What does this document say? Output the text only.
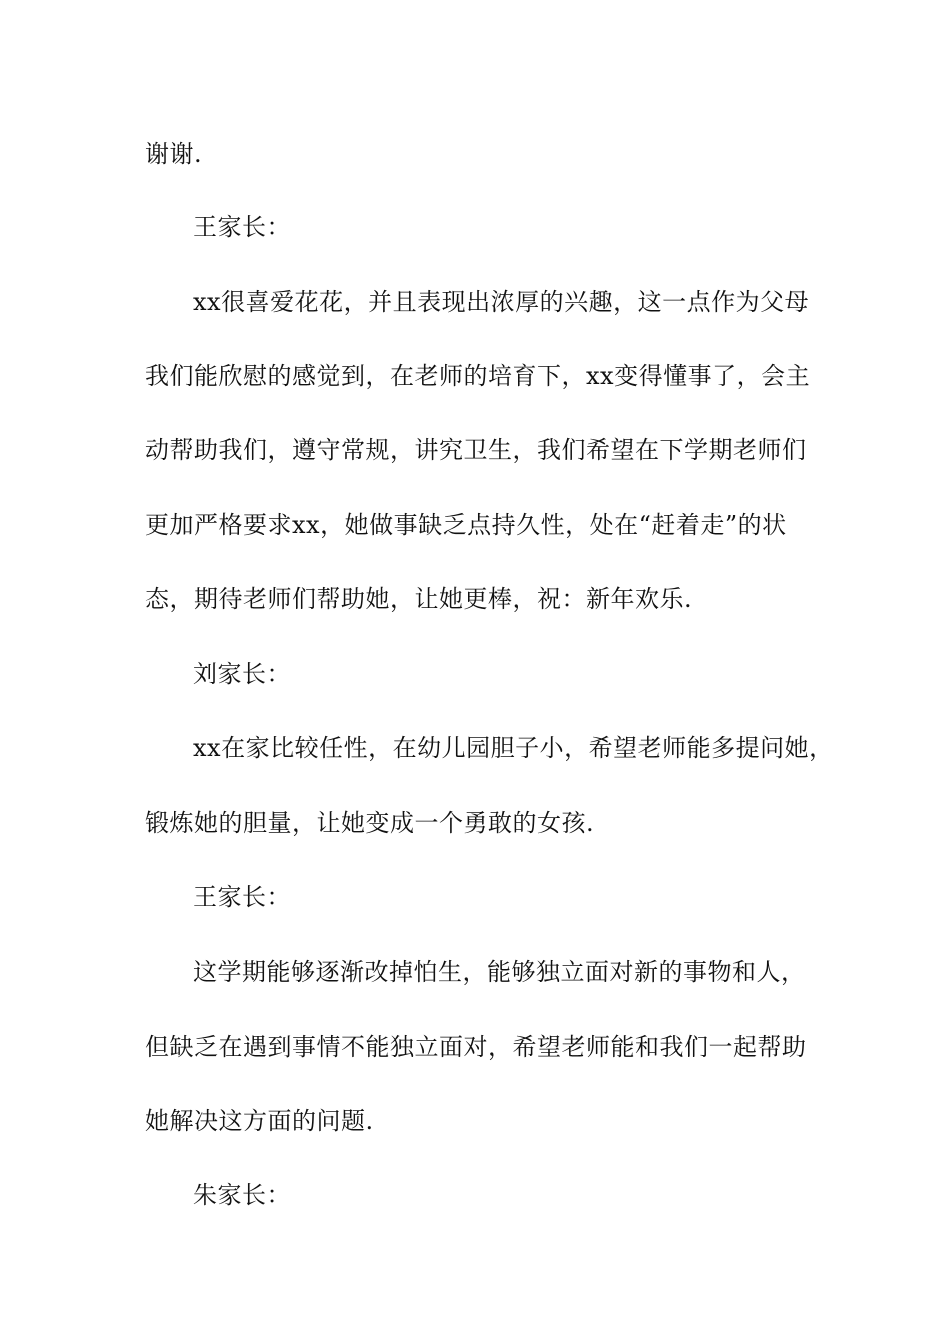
谢谢.

王家长：

xx很喜爱花花，并且表现出浓厚的兴趣，这一点作为父母

我们能欣慰的感觉到，在老师的培育下，xx变得懂事了，会主

动帮助我们，遵守常规，讲究卫生，我们希望在下学期老师们

更加严格要求xx，她做事缺乏点持久性，处在“赶着走”的状

态，期待老师们帮助她，让她更棒，祝：新年欢乐.

刘家长：

xx在家比较任性，在幼儿园胆子小，希望老师能多提问她，

锻炼她的胆量，让她变成一个勇敢的女孩.

王家长：

这学期能够逐渐改掉怕生，能够独立面对新的事物和人，

但缺乏在遇到事情不能独立面对，希望老师能和我们一起帮助

她解决这方面的问题.

朱家长：
